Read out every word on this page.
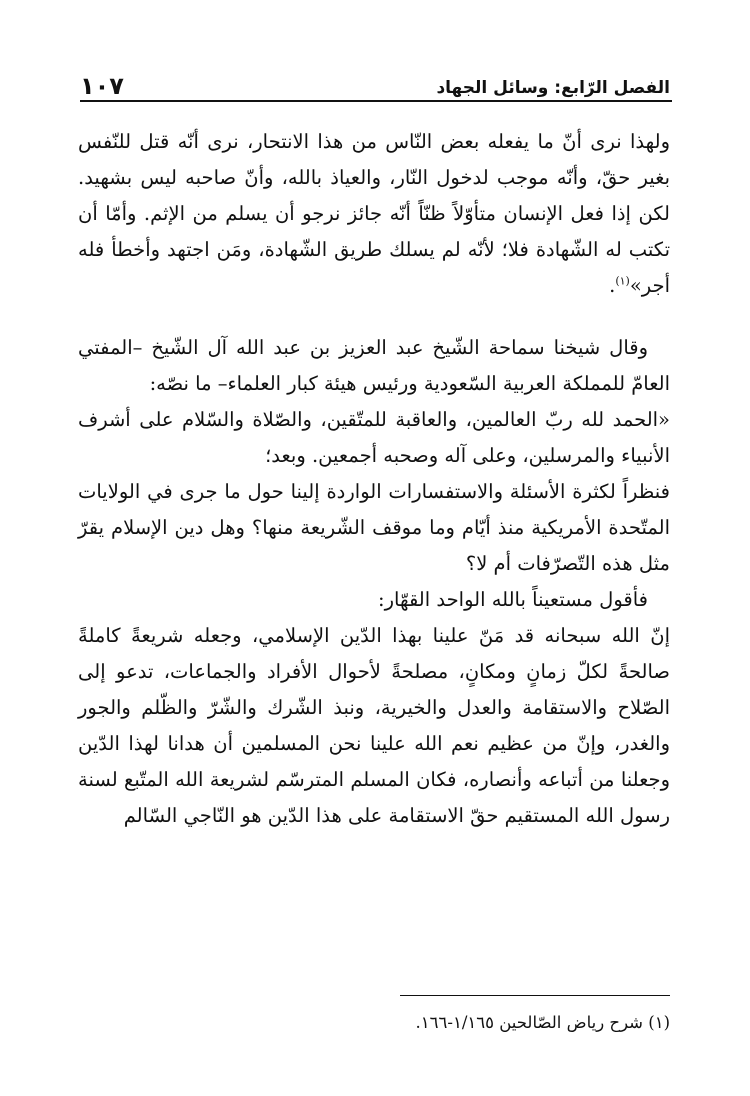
الفصل الرّابع: وسائل الجهاد
١٠٧

ولهذا نرى أنّ ما يفعله بعض النّاس من هذا الانتحار، نرى أنّه قتل للنّفس بغير حقّ، وأنّه موجب لدخول النّار، والعياذ بالله، وأنّ صاحبه ليس بشهيد. لكن إذا فعل الإنسان متأوّلاً ظنّاً أنّه جائز نرجو أن يسلم من الإثم. وأمّا أن تكتب له الشّهادة فلا؛ لأنّه لم يسلك طريق الشّهادة، ومَن اجتهد وأخطأ فله أجر»$^{(١)}$.

وقال شيخنا سماحة الشّيخ عبد العزيز بن عبد الله آل الشّيخ –المفتي العامّ للمملكة العربية السّعودية ورئيس هيئة كبار العلماء– ما نصّه:

«الحمد لله ربّ العالمين، والعاقبة للمتّقين، والصّلاة والسّلام على أشرف الأنبياء والمرسلين، وعلى آله وصحبه أجمعين. وبعد؛

فنظراً لكثرة الأسئلة والاستفسارات الواردة إلينا حول ما جرى في الولايات المتّحدة الأمريكية منذ أيّام وما موقف الشّريعة منها؟ وهل دين الإسلام يقرّ مثل هذه التّصرّفات أم لا؟

فأقول مستعيناً بالله الواحد القهّار:

إنّ الله سبحانه قد مَنّ علينا بهذا الدّين الإسلامي، وجعله شريعةً كاملةً صالحةً لكلّ زمانٍ ومكانٍ، مصلحةً لأحوال الأفراد والجماعات، تدعو إلى الصّلاح والاستقامة والعدل والخيرية، ونبذ الشّرك والشّرّ والظّلم والجور والغدر، وإنّ من عظيم نعم الله علينا نحن المسلمين أن هدانا لهذا الدّين وجعلنا من أتباعه وأنصاره، فكان المسلم المترسّم لشريعة الله المتّبع لسنة رسول الله المستقيم حقّ الاستقامة على هذا الدّين هو النّاجي السّالم

(١) شرح رياض الصّالحين ١/١٦٥-١٦٦.
